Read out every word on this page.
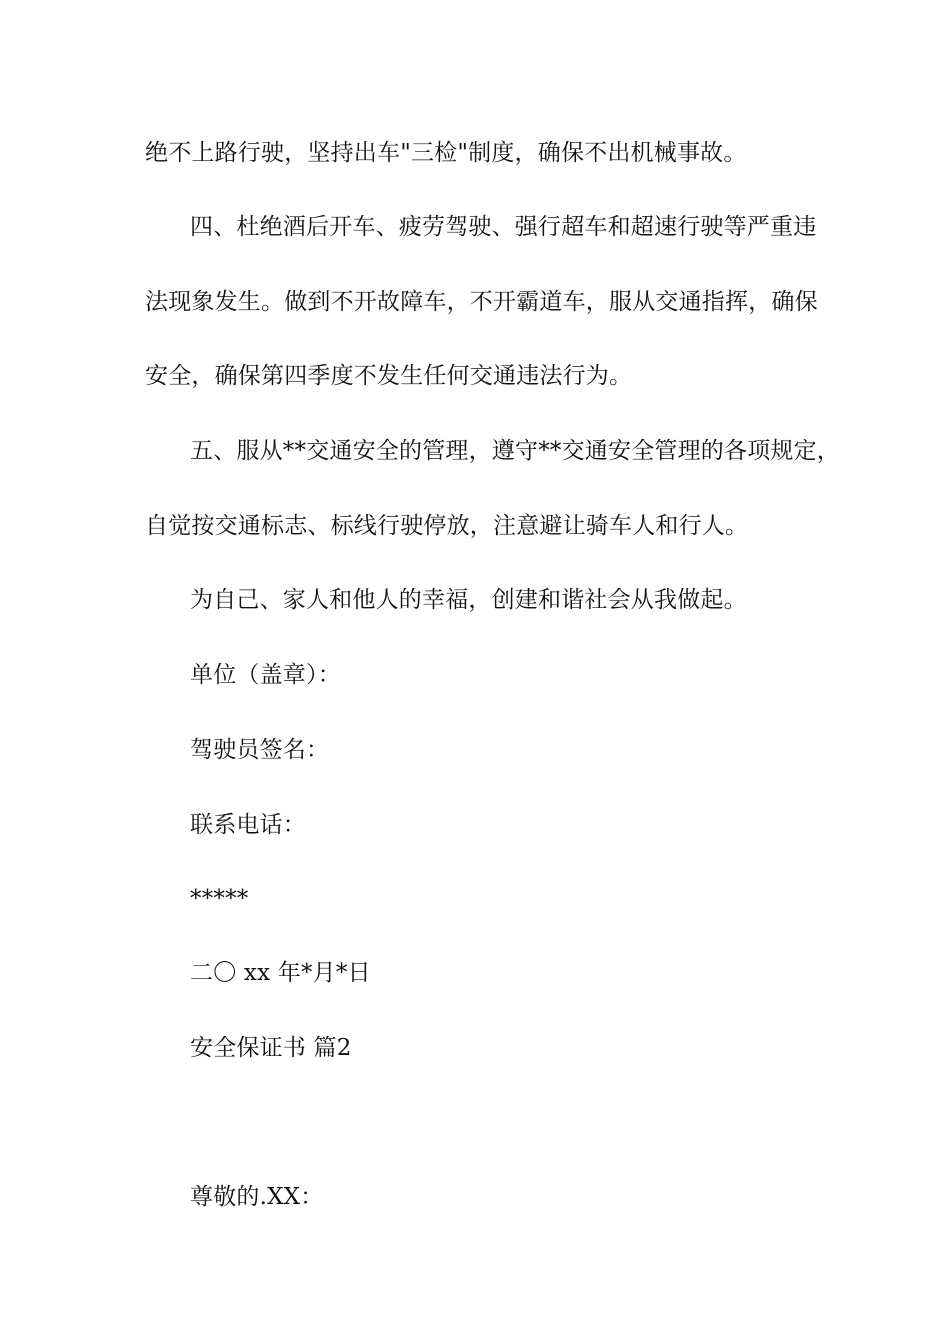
绝不上路行驶，坚持出车"三检"制度，确保不出机械事故。
四、杜绝酒后开车、疲劳驾驶、强行超车和超速行驶等严重违
法现象发生。做到不开故障车，不开霸道车，服从交通指挥，确保
安全，确保第四季度不发生任何交通违法行为。
五、服从**交通安全的管理，遵守**交通安全管理的各项规定，
自觉按交通标志、标线行驶停放，注意避让骑车人和行人。
为自己、家人和他人的幸福，创建和谐社会从我做起。
单位（盖章）：
驾驶员签名：
联系电话：
*****
二〇 xx 年*月*日
安全保证书 篇2
尊敬的.XX：
